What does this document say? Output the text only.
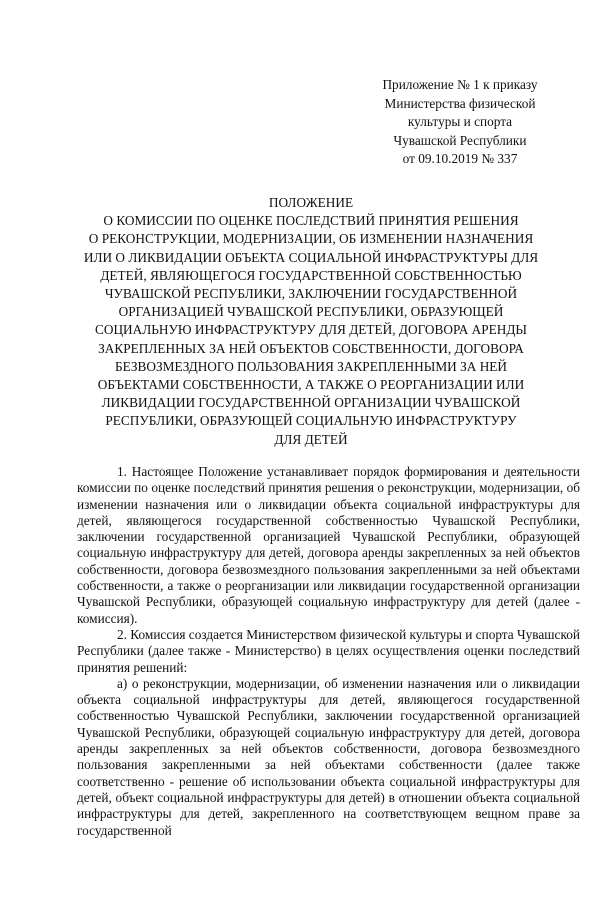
Приложение № 1 к приказу
Министерства физической
культуры и спорта
Чувашской Республики
от 09.10.2019 № 337
ПОЛОЖЕНИЕ
О КОМИССИИ ПО ОЦЕНКЕ ПОСЛЕДСТВИЙ ПРИНЯТИЯ РЕШЕНИЯ
О РЕКОНСТРУКЦИИ, МОДЕРНИЗАЦИИ, ОБ ИЗМЕНЕНИИ НАЗНАЧЕНИЯ
ИЛИ О ЛИКВИДАЦИИ ОБЪЕКТА СОЦИАЛЬНОЙ ИНФРАСТРУКТУРЫ ДЛЯ
ДЕТЕЙ, ЯВЛЯЮЩЕГОСЯ ГОСУДАРСТВЕННОЙ СОБСТВЕННОСТЬЮ
ЧУВАШСКОЙ РЕСПУБЛИКИ, ЗАКЛЮЧЕНИИ ГОСУДАРСТВЕННОЙ
ОРГАНИЗАЦИЕЙ ЧУВАШСКОЙ РЕСПУБЛИКИ, ОБРАЗУЮЩЕЙ
СОЦИАЛЬНУЮ ИНФРАСТРУКТУРУ ДЛЯ ДЕТЕЙ, ДОГОВОРА АРЕНДЫ
ЗАКРЕПЛЕННЫХ ЗА НЕЙ ОБЪЕКТОВ СОБСТВЕННОСТИ, ДОГОВОРА
БЕЗВОЗМЕЗДНОГО ПОЛЬЗОВАНИЯ ЗАКРЕПЛЕННЫМИ ЗА НЕЙ
ОБЪЕКТАМИ СОБСТВЕННОСТИ, А ТАКЖЕ О РЕОРГАНИЗАЦИИ ИЛИ
ЛИКВИДАЦИИ ГОСУДАРСТВЕННОЙ ОРГАНИЗАЦИИ ЧУВАШСКОЙ
РЕСПУБЛИКИ, ОБРАЗУЮЩЕЙ СОЦИАЛЬНУЮ ИНФРАСТРУКТУРУ
ДЛЯ ДЕТЕЙ
1. Настоящее Положение устанавливает порядок формирования и деятельности комиссии по оценке последствий принятия решения о реконструкции, модернизации, об изменении назначения или о ликвидации объекта социальной инфраструктуры для детей, являющегося государственной собственностью Чувашской Республики, заключении государственной организацией Чувашской Республики, образующей социальную инфраструктуру для детей, договора аренды закрепленных за ней объектов собственности, договора безвозмездного пользования закрепленными за ней объектами собственности, а также о реорганизации или ликвидации государственной организации Чувашской Республики, образующей социальную инфраструктуру для детей (далее - комиссия).
2. Комиссия создается Министерством физической культуры и спорта Чувашской Республики (далее также - Министерство) в целях осуществления оценки последствий принятия решений:
а) о реконструкции, модернизации, об изменении назначения или о ликвидации объекта социальной инфраструктуры для детей, являющегося государственной собственностью Чувашской Республики, заключении государственной организацией Чувашской Республики, образующей социальную инфраструктуру для детей, договора аренды закрепленных за ней объектов собственности, договора безвозмездного пользования закрепленными за ней объектами собственности (далее также соответственно - решение об использовании объекта социальной инфраструктуры для детей, объект социальной инфраструктуры для детей) в отношении объекта социальной инфраструктуры для детей, закрепленного на соответствующем вещном праве за государственной
